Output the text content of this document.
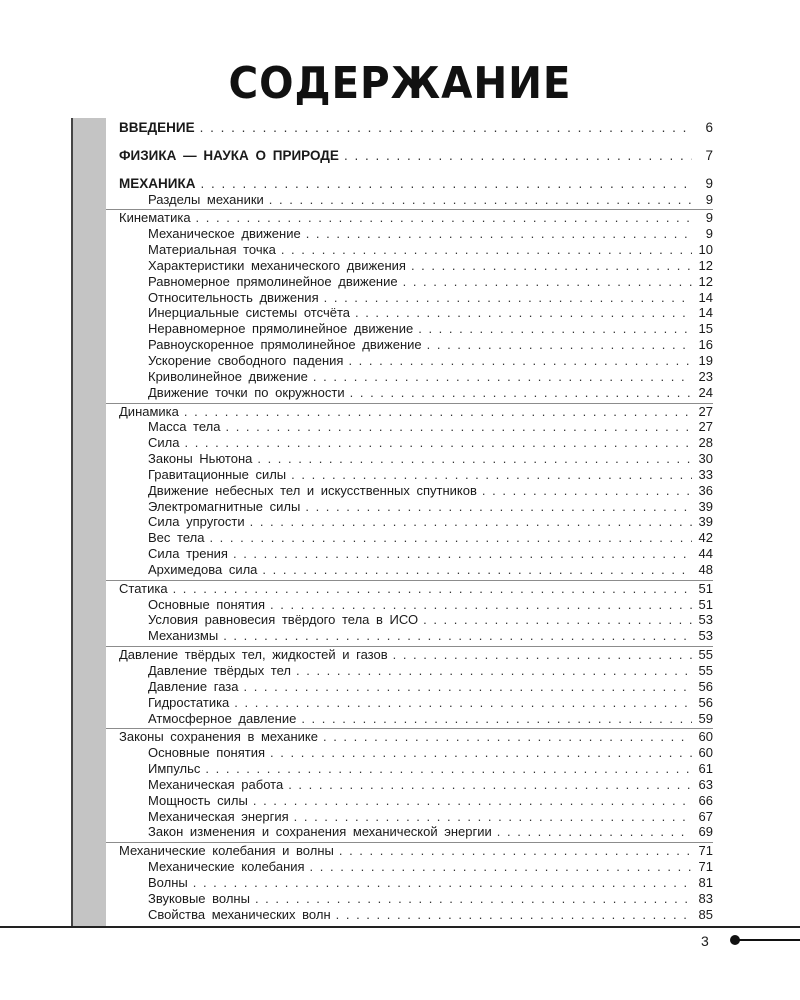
СОДЕРЖАНИЕ
ВВЕДЕНИЕ . . .	6
ФИЗИКА — НАУКА О ПРИРОДЕ . . .	7
МЕХАНИКА . . .	9
Разделы механики . . .	9
Кинематика . . .	9
Механическое движение . . .	9
Материальная точка . . .	10
Характеристики механического движения . . .	12
Равномерное прямолинейное движение . . .	12
Относительность движения . . .	14
Инерциальные системы отсчёта . . .	14
Неравномерное прямолинейное движение . . .	15
Равноускоренное прямолинейное движение . . .	16
Ускорение свободного падения . . .	19
Криволинейное движение . . .	23
Движение точки по окружности . . .	24
Динамика . . .	27
Масса тела . . .	27
Сила . . .	28
Законы Ньютона . . .	30
Гравитационные силы . . .	33
Движение небесных тел и искусственных спутников . . .	36
Электромагнитные силы . . .	39
Сила упругости . . .	39
Вес тела . . .	42
Сила трения . . .	44
Архимедова сила . . .	48
Статика . . .	51
Основные понятия . . .	51
Условия равновесия твёрдого тела в ИСО . . .	53
Механизмы . . .	53
Давление твёрдых тел, жидкостей и газов . . .	55
Давление твёрдых тел . . .	55
Давление газа . . .	56
Гидростатика . . .	56
Атмосферное давление . . .	59
Законы сохранения в механике . . .	60
Основные понятия . . .	60
Импульс . . .	61
Механическая работа . . .	63
Мощность силы . . .	66
Механическая энергия . . .	67
Закон изменения и сохранения механической энергии . . .	69
Механические колебания и волны . . .	71
Механические колебания . . .	71
Волны . . .	81
Звуковые волны . . .	83
Свойства механических волн . . .	85
3
